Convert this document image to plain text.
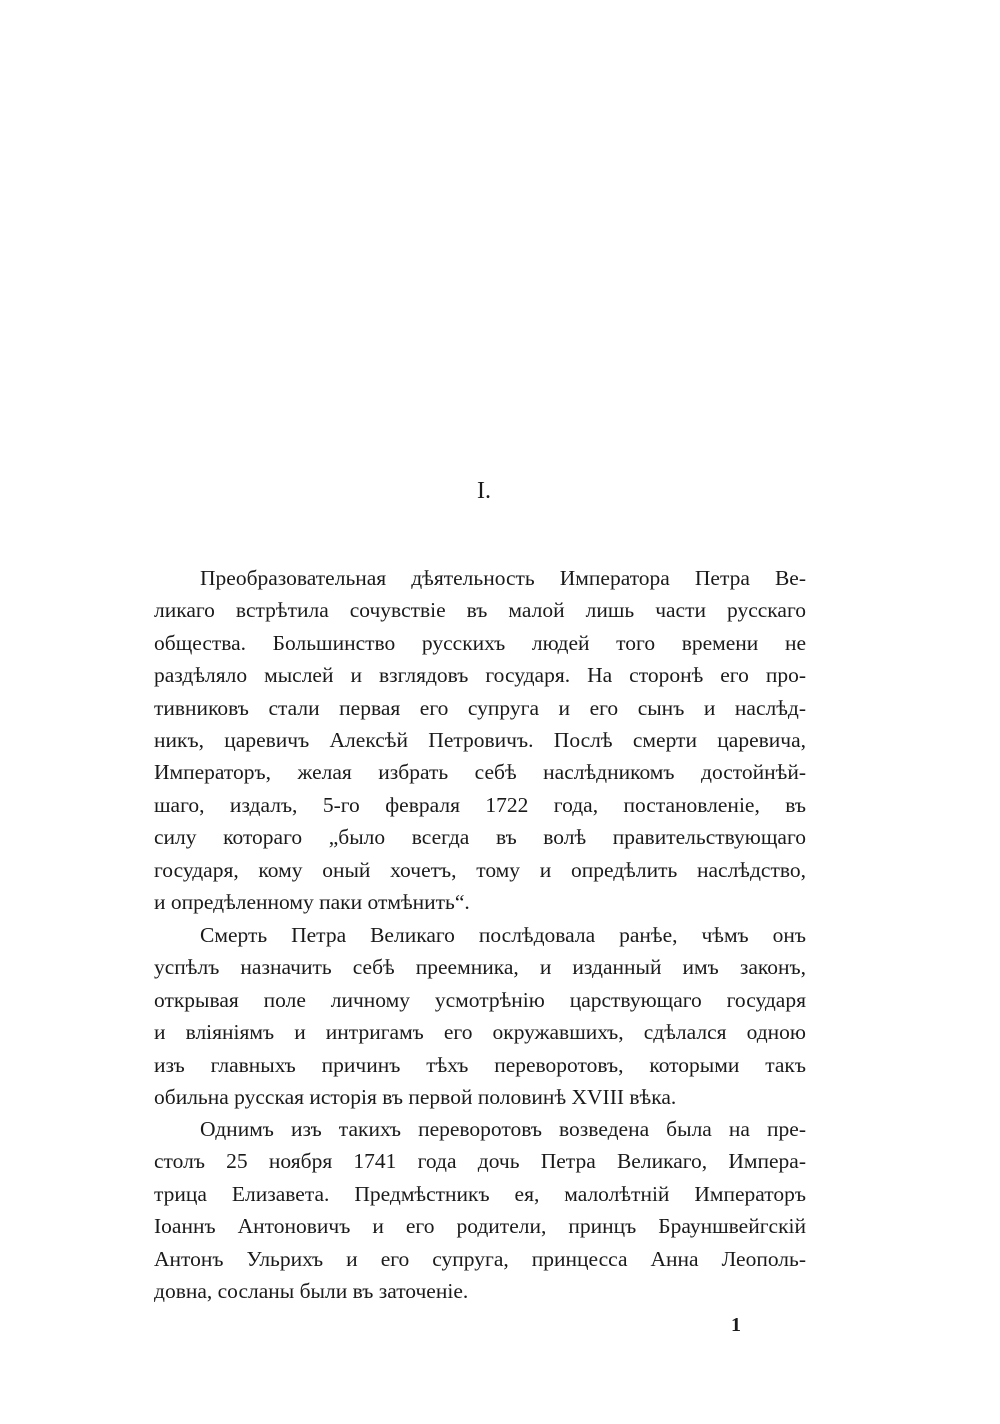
I.
Преобразовательная дѣятельность Императора Петра Ве-
ликаго встрѣтила сочувствіе въ малой лишь части русскаго
общества. Большинство русскихъ людей того времени не
раздѣляло мыслей и взглядовъ государя. На сторонѣ его про-
тивниковъ стали первая его супруга и его сынъ и наслѣд-
никъ, царевичъ Алексѣй Петровичъ. Послѣ смерти царевича,
Императоръ, желая избрать себѣ наслѣдникомъ достойнѣй-
шаго, издалъ, 5-го февраля 1722 года, постановленіе, въ
силу котораго „было всегда въ волѣ правительствующаго
государя, кому оный хочетъ, тому и опредѣлить наслѣдство,
и опредѣленному паки отмѣнить“.
Смерть Петра Великаго послѣдовала ранѣе, чѣмъ онъ
успѣлъ назначить себѣ преемника, и изданный имъ законъ,
открывая поле личному усмотрѣнію царствующаго государя
и вліяніямъ и интригамъ его окружавшихъ, сдѣлался одною
изъ главныхъ причинъ тѣхъ переворотовъ, которыми такъ
обильна русская исторія въ первой половинѣ XVIII вѣка.
Однимъ изъ такихъ переворотовъ возведена была на пре-
столъ 25 ноября 1741 года дочь Петра Великаго, Импера-
трица Елизавета. Предмѣстникъ ея, малолѣтній Императоръ
Іоаннъ Антоновичъ и его родители, принцъ Брауншвейгскій
Антонъ Ульрихъ и его супруга, принцесса Анна Леополь-
довна, сосланы были въ заточеніе.
1
